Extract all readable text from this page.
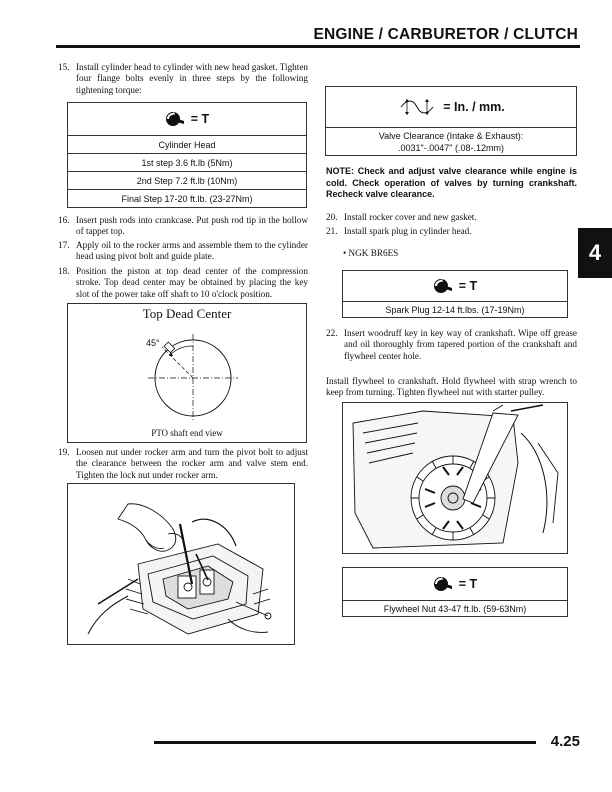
ENGINE / CARBURETOR / CLUTCH
4
15. Install cylinder head to cylinder with new head gasket. Tighten four flange bolts evenly in three steps by the following tightening torque:
= T
Cylinder Head
1st step 3.6 ft.lb (5Nm)
2nd Step 7.2 ft.lb (10Nm)
Final Step 17-20 ft.lb. (23-27Nm)
16. Insert push rods into crankcase. Put push rod tip in the hollow of tappet top.
17. Apply oil to the rocker arms and assemble them to the cylinder head using pivot bolt and guide plate.
18. Position the piston at top dead center of the compression stroke. Top dead center may be obtained by placing the key slot of the power take off shaft to 10 o'clock position.
Top Dead Center
45°
PTO shaft end view
19. Loosen nut under rocker arm and turn the pivot bolt to adjust the clearance between the rocker arm and valve stem end. Tighten the lock nut under rocker arm.
= In. / mm.
Valve Clearance (Intake & Exhaust):
.0031"-.0047" (.08-.12mm)
NOTE: Check and adjust valve clearance while engine is cold. Check operation of valves by turning crankshaft. Recheck valve clearance.
20. Install rocker cover and new gasket.
21. Install spark plug in cylinder head.
• NGK BR6ES
= T
Spark Plug 12-14 ft.lbs. (17-19Nm)
22. Insert woodruff key in key way of crankshaft. Wipe off grease and oil thoroughly from tapered portion of the crankshaft and flywheel center hole.
Install flywheel to crankshaft. Hold flywheel with strap wrench to keep from turning. Tighten flywheel nut with starter pulley.
= T
Flywheel Nut 43-47 ft.lb. (59-63Nm)
4.25
